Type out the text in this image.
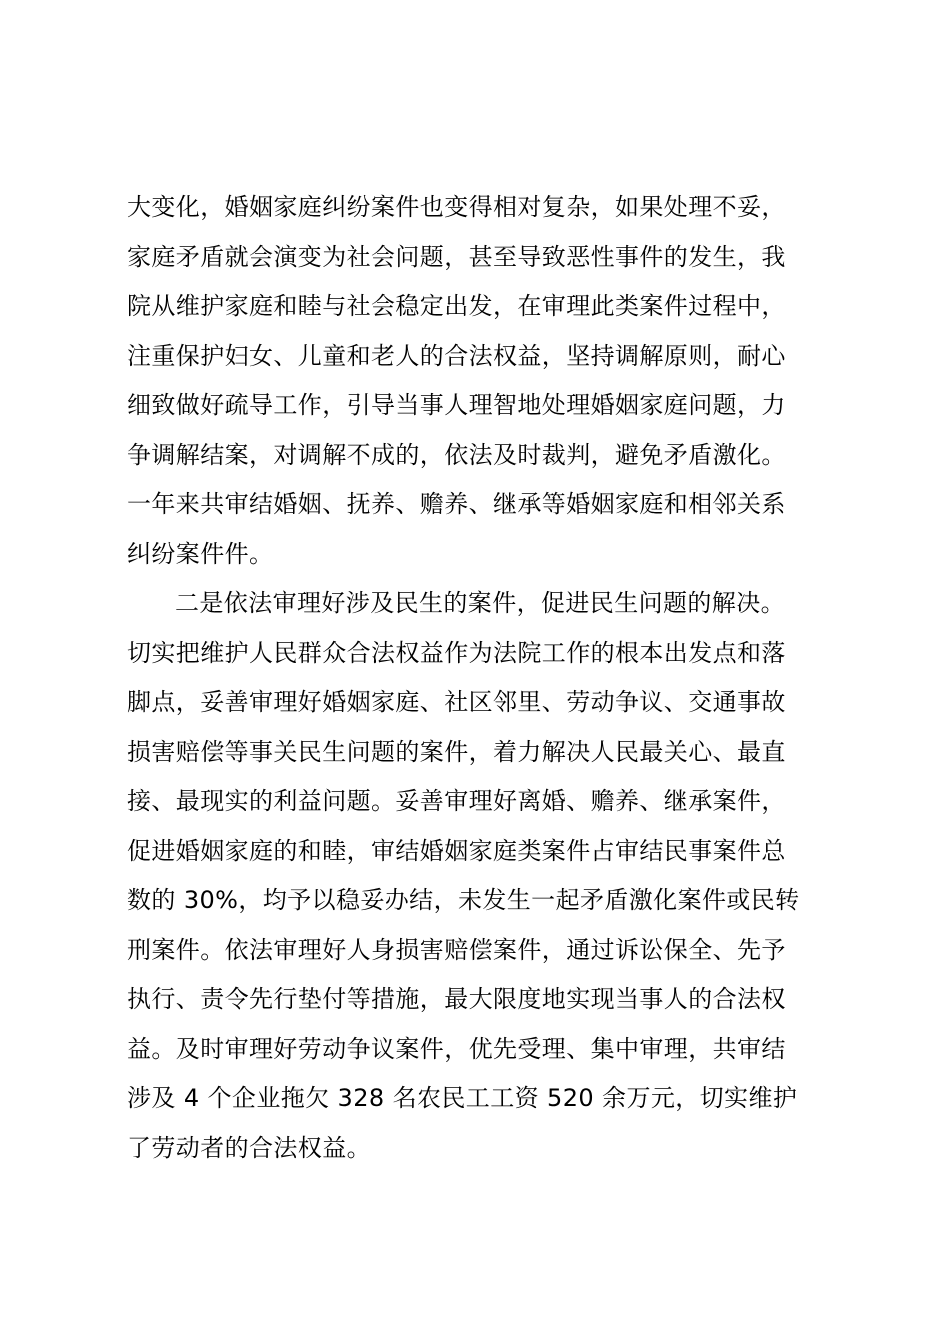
大变化，婚姻家庭纠纷案件也变得相对复杂，如果处理不妥，
家庭矛盾就会演变为社会问题，甚至导致恶性事件的发生，我
院从维护家庭和睦与社会稳定出发，在审理此类案件过程中，
注重保护妇女、儿童和老人的合法权益，坚持调解原则，耐心
细致做好疏导工作，引导当事人理智地处理婚姻家庭问题，力
争调解结案，对调解不成的，依法及时裁判，避免矛盾激化。
一年来共审结婚姻、抚养、赡养、继承等婚姻家庭和相邻关系
纠纷案件件。
二是依法审理好涉及民生的案件，促进民生问题的解决。
切实把维护人民群众合法权益作为法院工作的根本出发点和落
脚点，妥善审理好婚姻家庭、社区邻里、劳动争议、交通事故
损害赔偿等事关民生问题的案件，着力解决人民最关心、最直
接、最现实的利益问题。妥善审理好离婚、赡养、继承案件，
促进婚姻家庭的和睦，审结婚姻家庭类案件占审结民事案件总
数的 30%，均予以稳妥办结，未发生一起矛盾激化案件或民转
刑案件。依法审理好人身损害赔偿案件，通过诉讼保全、先予
执行、责令先行垫付等措施，最大限度地实现当事人的合法权
益。及时审理好劳动争议案件，优先受理、集中审理，共审结
涉及 4 个企业拖欠 328 名农民工工资 520 余万元，切实维护
了劳动者的合法权益。
